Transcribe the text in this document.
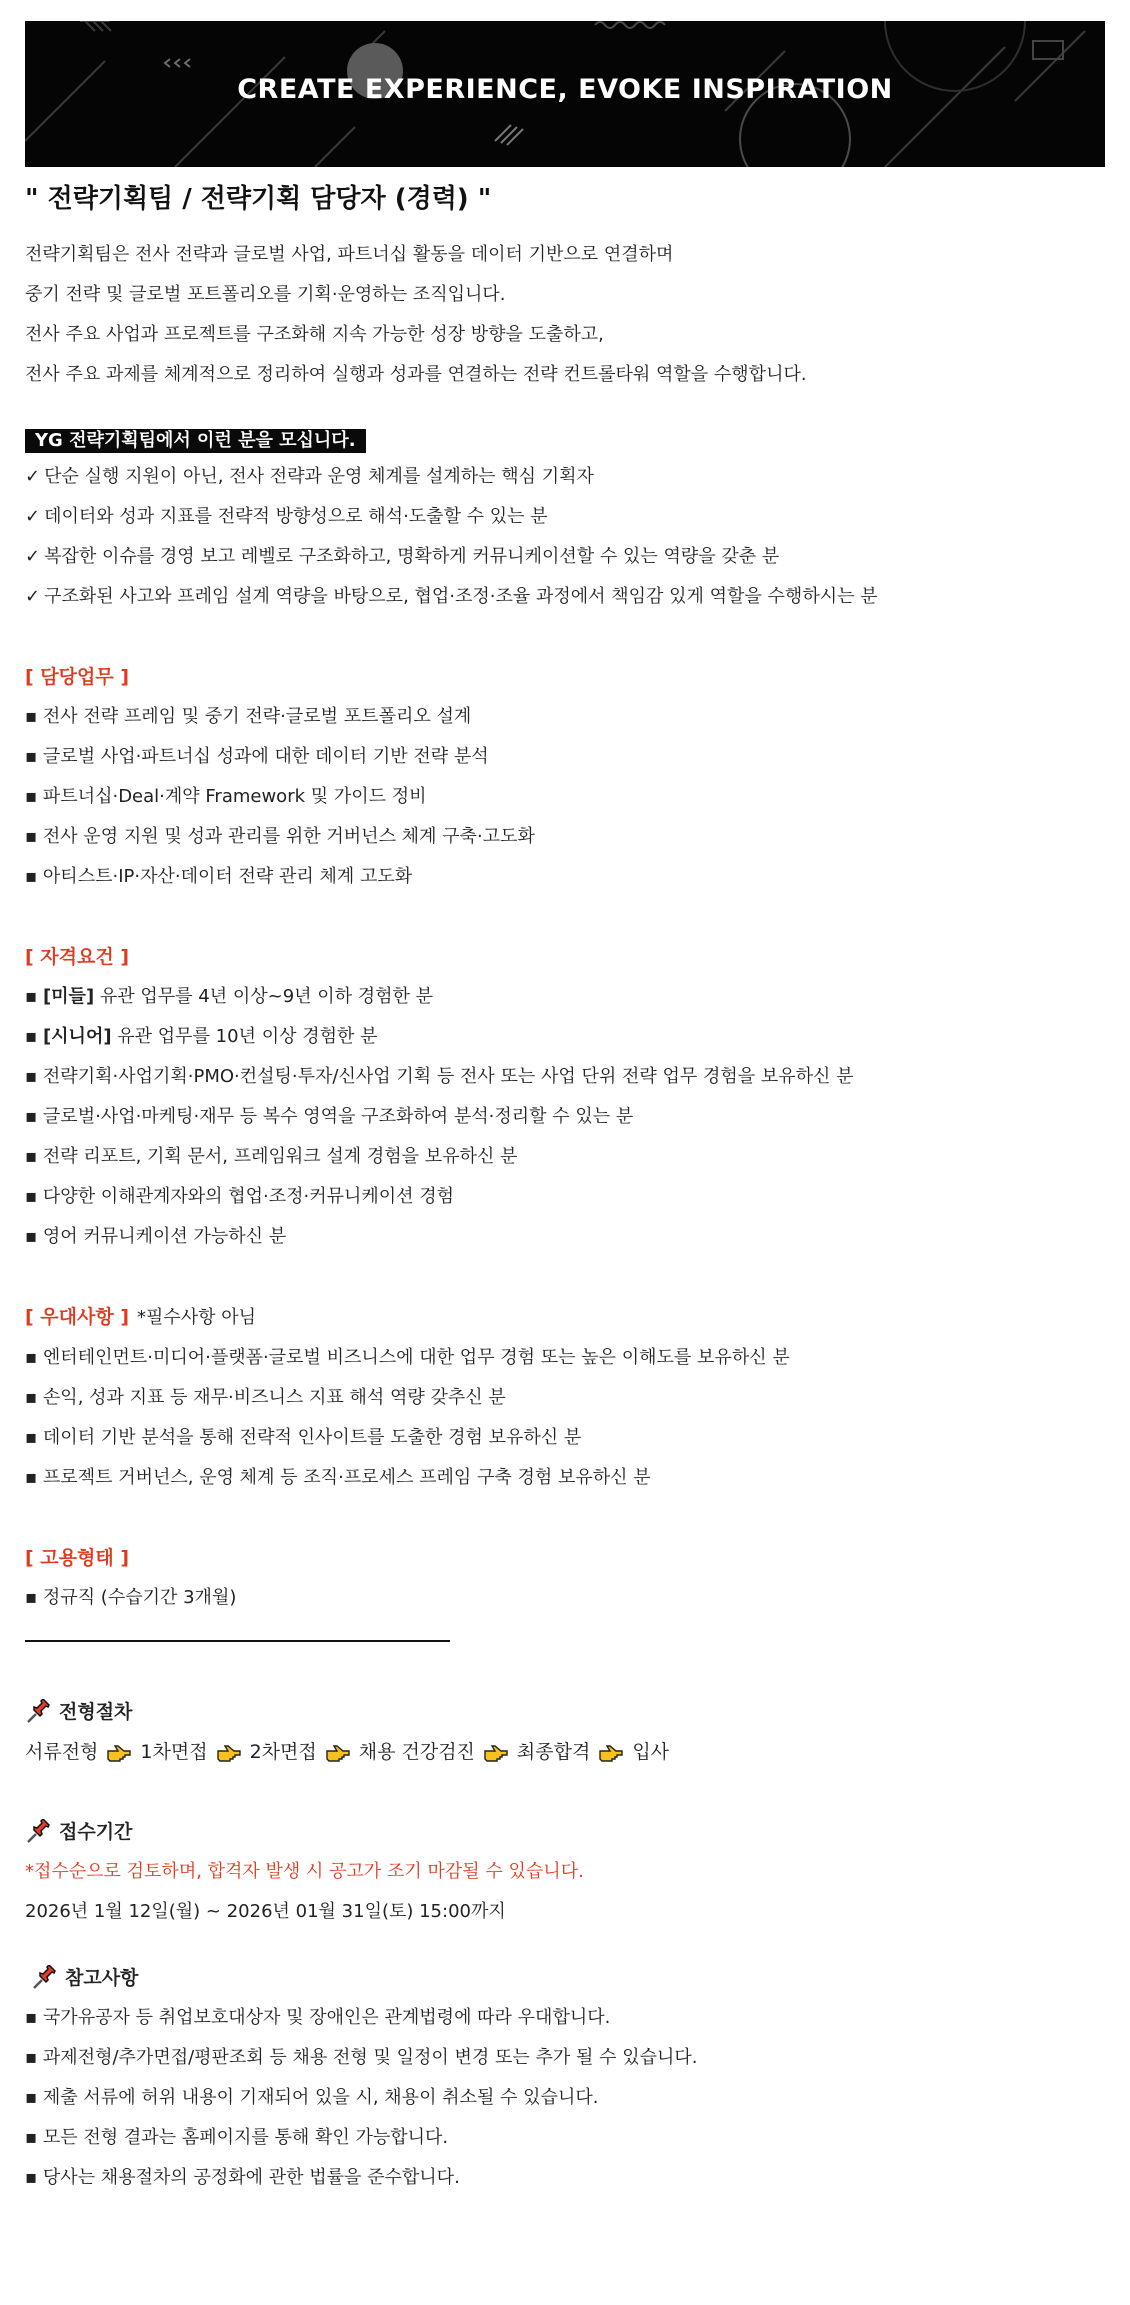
CREATE EXPERIENCE, EVOKE INSPIRATION
" 전략기획팀 / 전략기획 담당자 (경력) "
전략기획팀은 전사 전략과 글로벌 사업, 파트너십 활동을 데이터 기반으로 연결하며
중기 전략 및 글로벌 포트폴리오를 기획·운영하는 조직입니다.
전사 주요 사업과 프로젝트를 구조화해 지속 가능한 성장 방향을 도출하고,
전사 주요 과제를 체계적으로 정리하여 실행과 성과를 연결하는 전략 컨트롤타워 역할을 수행합니다.
YG 전략기획팀에서 이런 분을 모십니다.
✓ 단순 실행 지원이 아닌, 전사 전략과 운영 체계를 설계하는 핵심 기획자
✓ 데이터와 성과 지표를 전략적 방향성으로 해석·도출할 수 있는 분
✓ 복잡한 이슈를 경영 보고 레벨로 구조화하고, 명확하게 커뮤니케이션할 수 있는 역량을 갖춘 분
✓ 구조화된 사고와 프레임 설계 역량을 바탕으로, 협업·조정·조율 과정에서 책임감 있게 역할을 수행하시는 분
[ 담당업무 ]
▪ 전사 전략 프레임 및 중기 전략·글로벌 포트폴리오 설계
▪ 글로벌 사업·파트너십 성과에 대한 데이터 기반 전략 분석
▪ 파트너십·Deal·계약 Framework 및 가이드 정비
▪ 전사 운영 지원 및 성과 관리를 위한 거버넌스 체계 구축·고도화
▪ 아티스트·IP·자산·데이터 전략 관리 체계 고도화
[ 자격요건 ]
▪ [미들] 유관 업무를 4년 이상~9년 이하 경험한 분
▪ [시니어] 유관 업무를 10년 이상 경험한 분
▪ 전략기획·사업기획·PMO·컨설팅·투자/신사업 기획 등 전사 또는 사업 단위 전략 업무 경험을 보유하신 분
▪ 글로벌·사업·마케팅·재무 등 복수 영역을 구조화하여 분석·정리할 수 있는 분
▪ 전략 리포트, 기획 문서, 프레임워크 설계 경험을 보유하신 분
▪ 다양한 이해관계자와의 협업·조정·커뮤니케이션 경험
▪ 영어 커뮤니케이션 가능하신 분
[ 우대사항 ] *필수사항 아님
▪ 엔터테인먼트·미디어·플랫폼·글로벌 비즈니스에 대한 업무 경험 또는 높은 이해도를 보유하신 분
▪ 손익, 성과 지표 등 재무·비즈니스 지표 해석 역량 갖추신 분
▪ 데이터 기반 분석을 통해 전략적 인사이트를 도출한 경험 보유하신 분
▪ 프로젝트 거버넌스, 운영 체계 등 조직·프로세스 프레임 구축 경험 보유하신 분
[ 고용형태 ]
▪ 정규직 (수습기간 3개월)
전형절차
서류전형 1차면접 2차면접 채용 건강검진 최종합격 입사
접수기간
*접수순으로 검토하며, 합격자 발생 시 공고가 조기 마감될 수 있습니다.
2026년 1월 12일(월) ~ 2026년 01월 31일(토) 15:00까지
참고사항
▪ 국가유공자 등 취업보호대상자 및 장애인은 관계법령에 따라 우대합니다.
▪ 과제전형/추가면접/평판조회 등 채용 전형 및 일정이 변경 또는 추가 될 수 있습니다.
▪ 제출 서류에 허위 내용이 기재되어 있을 시, 채용이 취소될 수 있습니다.
▪ 모든 전형 결과는 홈페이지를 통해 확인 가능합니다.
▪ 당사는 채용절차의 공정화에 관한 법률을 준수합니다.
